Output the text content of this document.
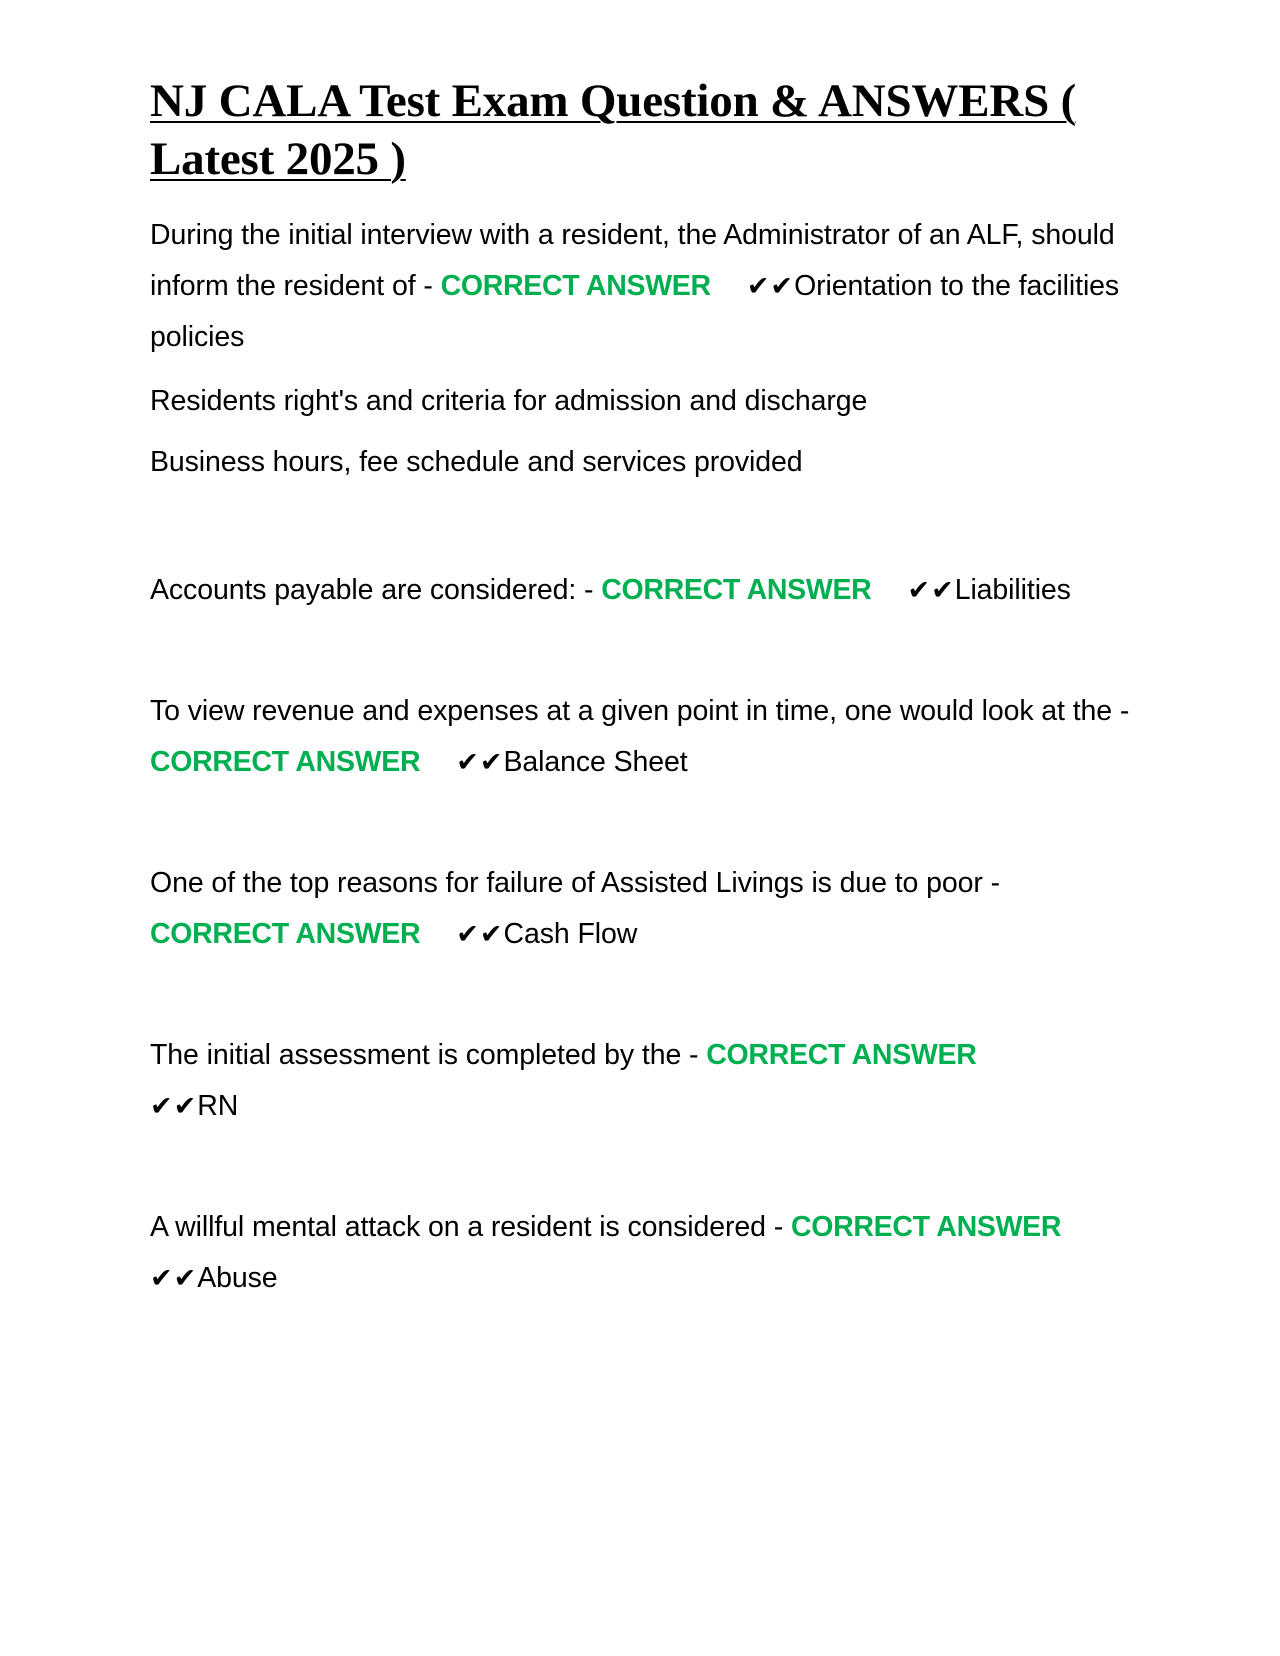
NJ CALA Test Exam Question & ANSWERS ( Latest 2025 )

During the initial interview with a resident, the Administrator of an ALF, should inform the resident of - CORRECT ANSWER ✔✔Orientation to the facilities policies

Residents right's and criteria for admission and discharge

Business hours, fee schedule and services provided

Accounts payable are considered: - CORRECT ANSWER ✔✔Liabilities

To view revenue and expenses at a given point in time, one would look at the - CORRECT ANSWER ✔✔Balance Sheet

One of the top reasons for failure of Assisted Livings is due to poor - CORRECT ANSWER ✔✔Cash Flow

The initial assessment is completed by the - CORRECT ANSWER
✔✔RN

A willful mental attack on a resident is considered - CORRECT ANSWER
✔✔Abuse
